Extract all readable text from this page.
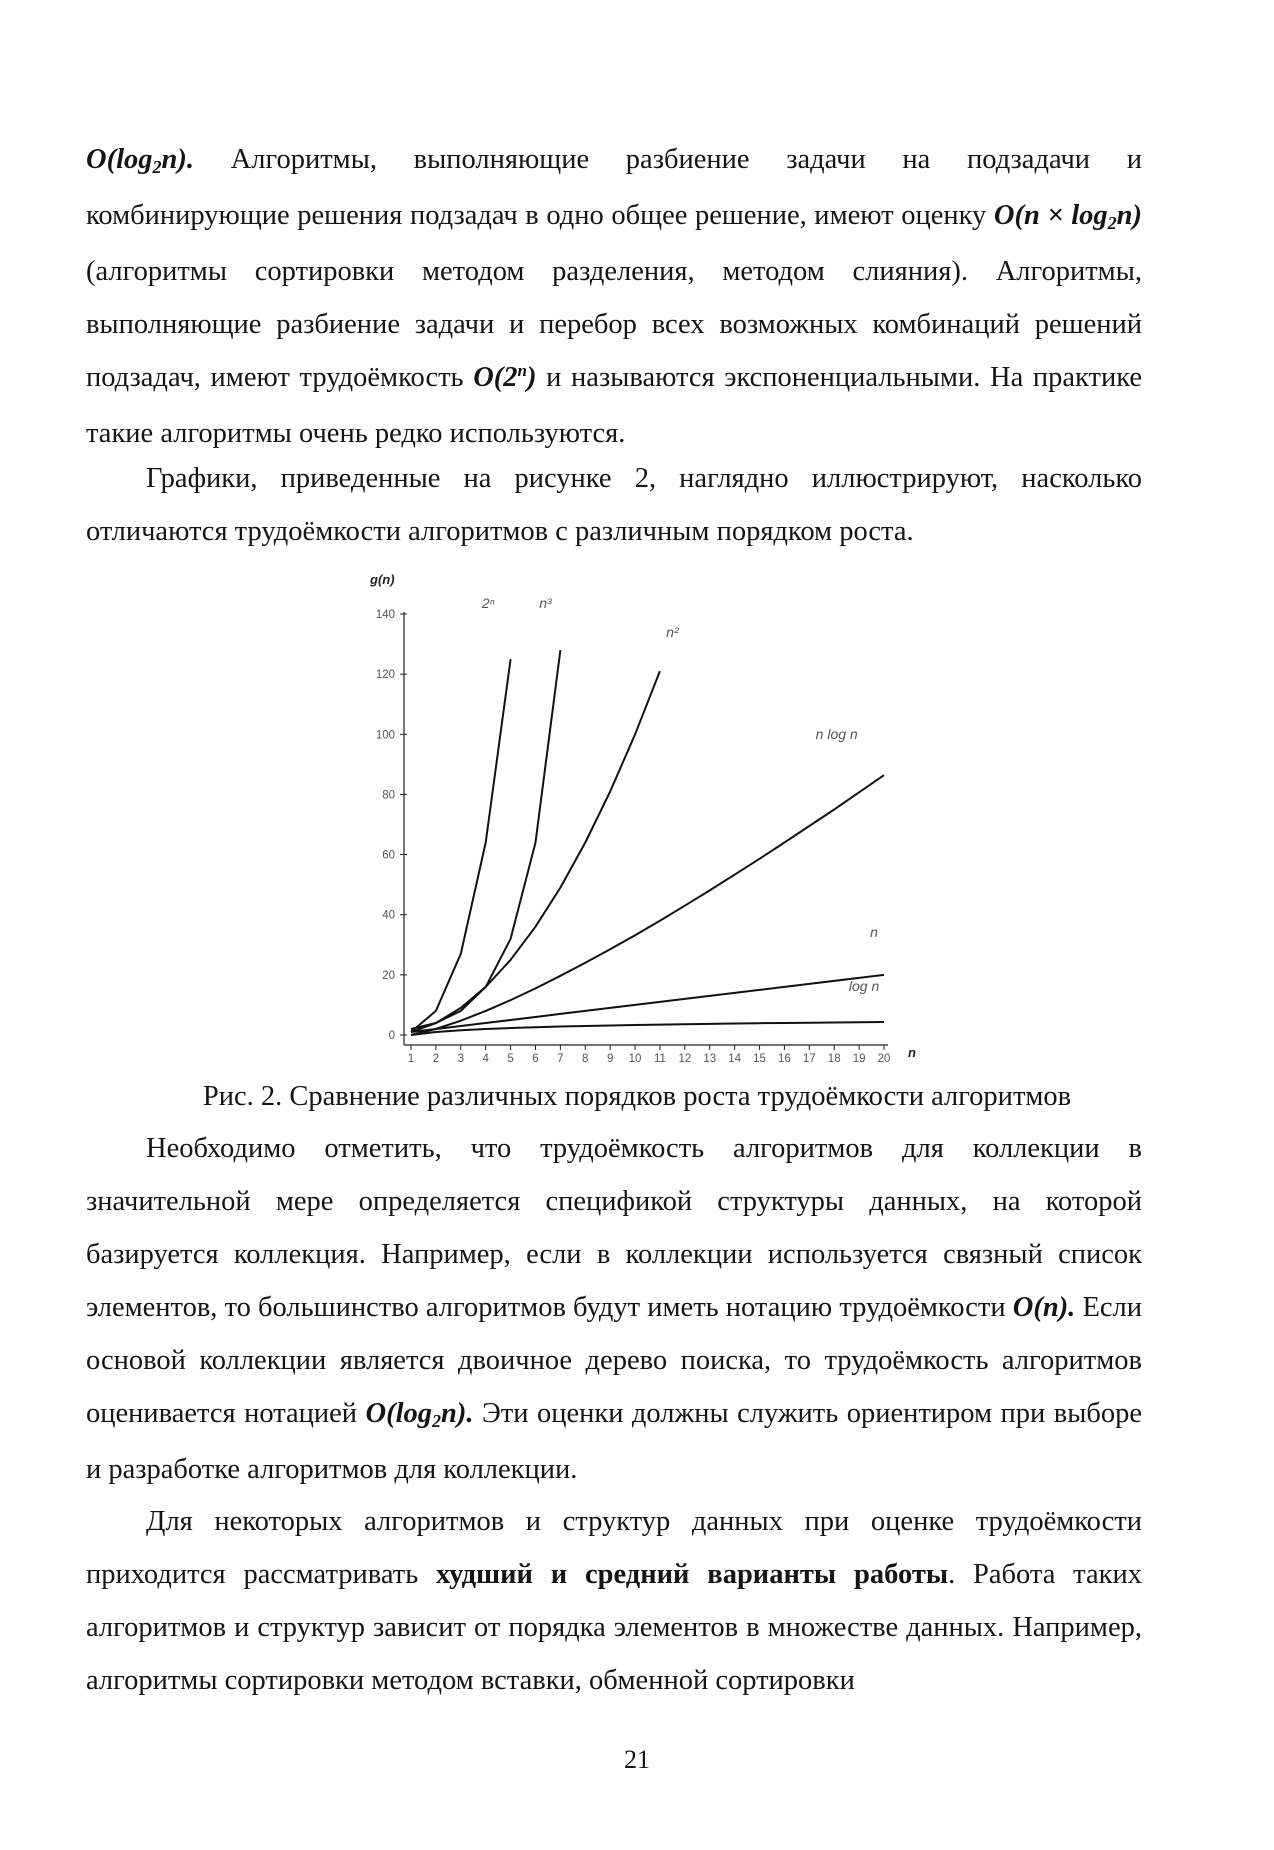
O(log2n). Алгоритмы, выполняющие разбиение задачи на подзадачи и комбинирующие решения подзадач в одно общее решение, имеют оценку O(n × log2n) (алгоритмы сортировки методом разделения, методом слияния). Алгоритмы, выполняющие разбиение задачи и перебор всех возможных комбинаций решений подзадач, имеют трудоёмкость O(2$^n$) и называются экспоненциальными. На практике такие алгоритмы очень редко используются.

Графики, приведенные на рисунке 2, наглядно иллюстрируют, насколько отличаются трудоёмкости алгоритмов с различным порядком роста.

0
20
40
60
80
100
120
140
1 2 3 4 5 6 7 8 9 10 11 12 13 14 15 16 17 18 19 20
g(n)
n
2ⁿ	n³
n²
n log n
n
log n

Рис. 2. Сравнение различных порядков роста трудоёмкости алгоритмов

Необходимо отметить, что трудоёмкость алгоритмов для коллекции в значительной мере определяется спецификой структуры данных, на которой базируется коллекция. Например, если в коллекции используется связный список элементов, то большинство алгоритмов будут иметь нотацию трудоёмкости O(n). Если основой коллекции является двоичное дерево поиска, то трудоёмкость алгоритмов оценивается нотацией O(log2n). Эти оценки должны служить ориентиром при выборе и разработке алгоритмов для коллекции.

Для некоторых алгоритмов и структур данных при оценке трудоёмкости приходится рассматривать худший и средний варианты работы. Работа таких алгоритмов и структур зависит от порядка элементов в множестве данных. Например, алгоритмы сортировки методом вставки, обменной сортировки

21
